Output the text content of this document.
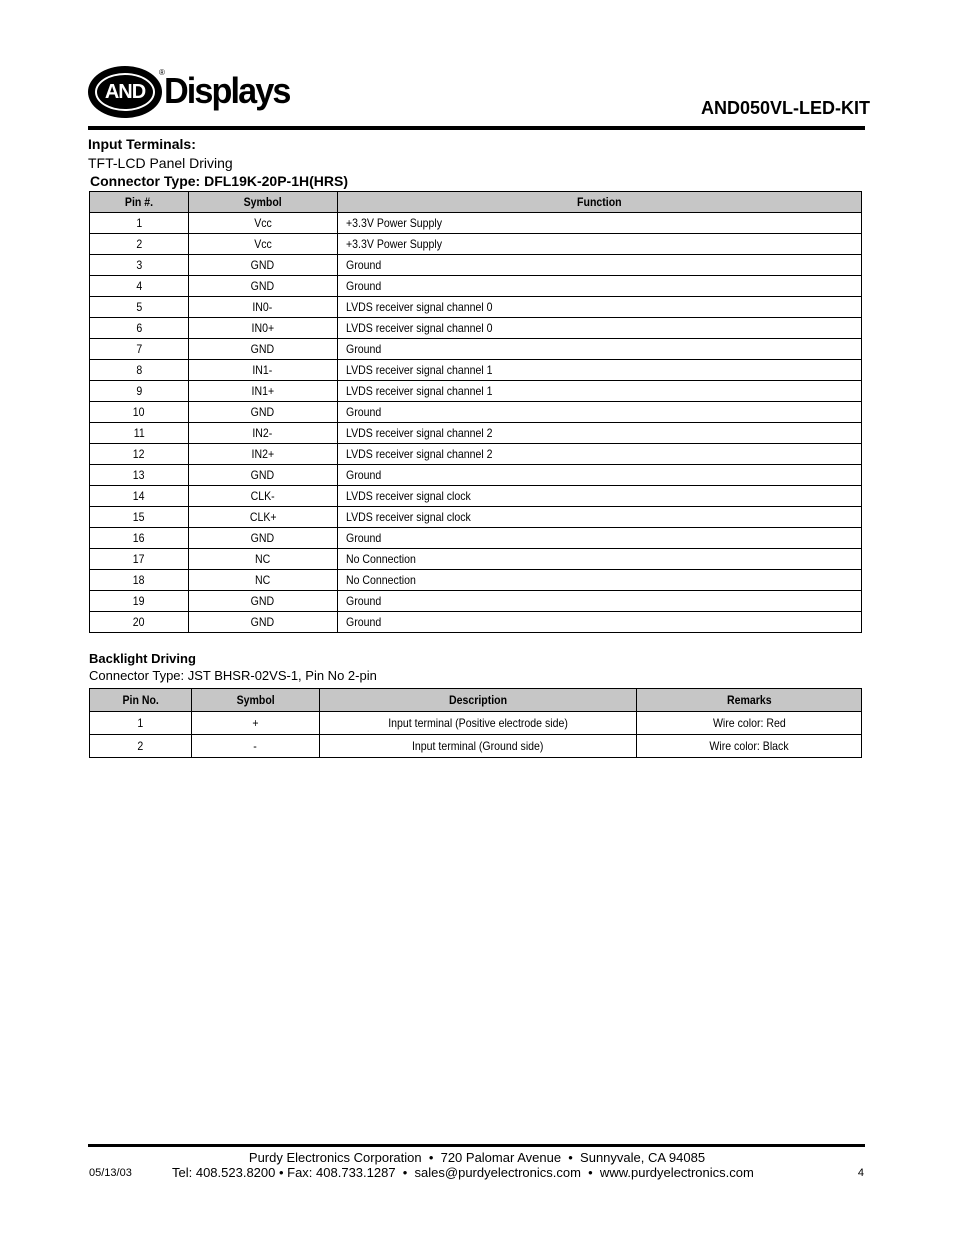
AND
® Displays	AND050VL-LED-KIT
Input Terminals:
TFT-LCD Panel Driving
Connector Type: DFL19K-20P-1H(HRS)
Pin #.	Symbol	Function
1	Vcc	+3.3V Power Supply
2	Vcc	+3.3V Power Supply
3	GND	Ground
4	GND	Ground
5	IN0-	LVDS receiver signal channel 0
6	IN0+	LVDS receiver signal channel 0
7	GND	Ground
8	IN1-	LVDS receiver signal channel 1
9	IN1+	LVDS receiver signal channel 1
10	GND	Ground
11	IN2-	LVDS receiver signal channel 2
12	IN2+	LVDS receiver signal channel 2
13	GND	Ground
14	CLK-	LVDS receiver signal clock
15	CLK+	LVDS receiver signal clock
16	GND	Ground
17	NC	No Connection
18	NC	No Connection
19	GND	Ground
20	GND	Ground
Backlight Driving
Connector Type: JST BHSR-02VS-1, Pin No 2-pin
Pin No.	Symbol	Description	Remarks
1	+	Input terminal (Positive electrode side)	Wire color: Red
2	-	Input terminal (Ground side)	Wire color: Black
Purdy Electronics Corporation  •  720 Palomar Avenue  •  Sunnyvale, CA 94085
05/13/03	Tel: 408.523.8200 • Fax: 408.733.1287  •  sales@purdyelectronics.com  •  www.purdyelectronics.com	4
